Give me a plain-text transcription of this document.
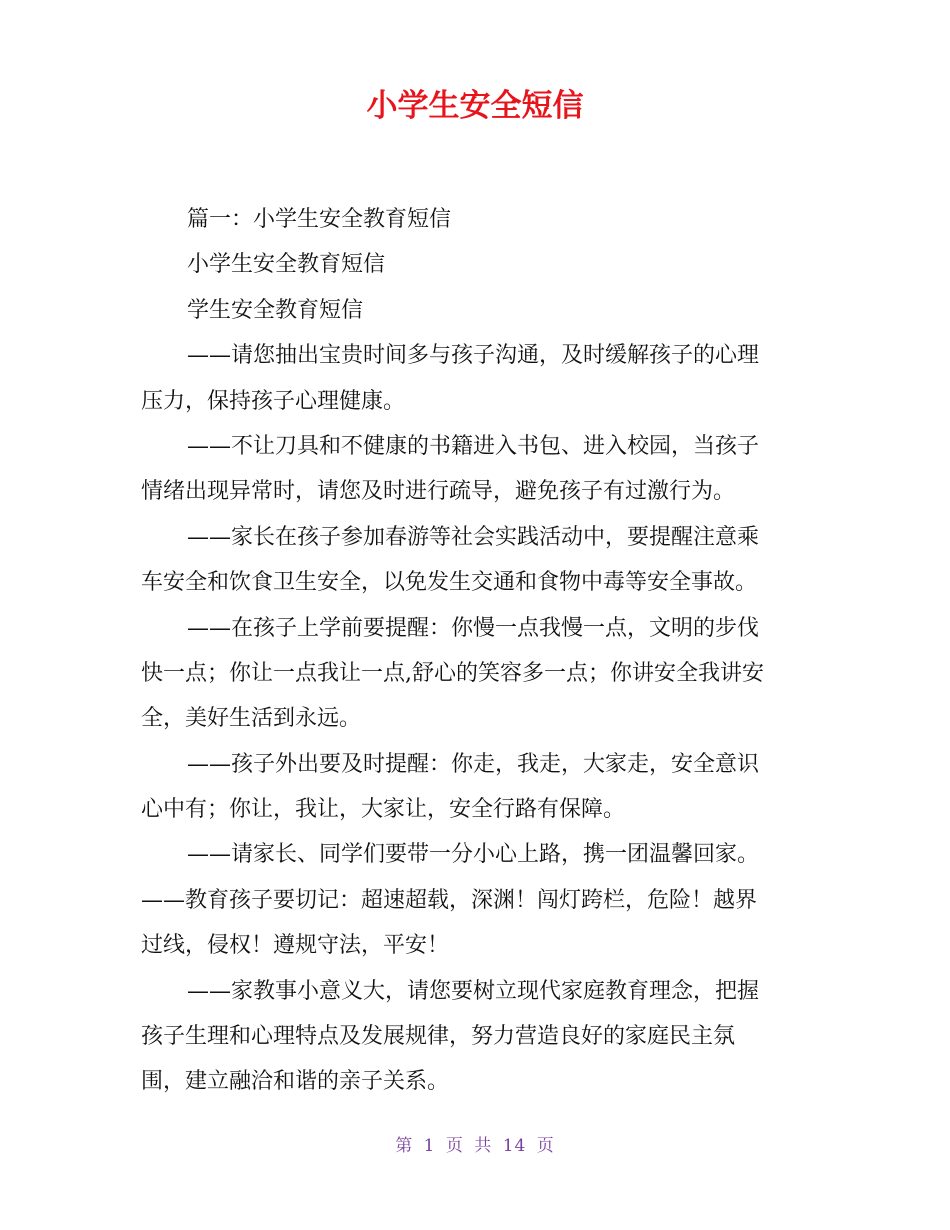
小学生安全短信
篇一：小学生安全教育短信
小学生安全教育短信
学生安全教育短信
——请您抽出宝贵时间多与孩子沟通，及时缓解孩子的心理
压力，保持孩子心理健康。
——不让刀具和不健康的书籍进入书包、进入校园，当孩子
情绪出现异常时，请您及时进行疏导，避免孩子有过激行为。
——家长在孩子参加春游等社会实践活动中，要提醒注意乘
车安全和饮食卫生安全，以免发生交通和食物中毒等安全事故。
——在孩子上学前要提醒：你慢一点我慢一点，文明的步伐
快一点；你让一点我让一点,舒心的笑容多一点；你讲安全我讲安
全，美好生活到永远。
——孩子外出要及时提醒：你走，我走，大家走，安全意识
心中有；你让，我让，大家让，安全行路有保障。
——请家长、同学们要带一分小心上路，携一团温馨回家。
——教育孩子要切记：超速超载，深渊！闯灯跨栏，危险！越界
过线，侵权！遵规守法，平安！
——家教事小意义大，请您要树立现代家庭教育理念，把握
孩子生理和心理特点及发展规律，努力营造良好的家庭民主氛
围，建立融洽和谐的亲子关系。
第 1 页 共 14 页
